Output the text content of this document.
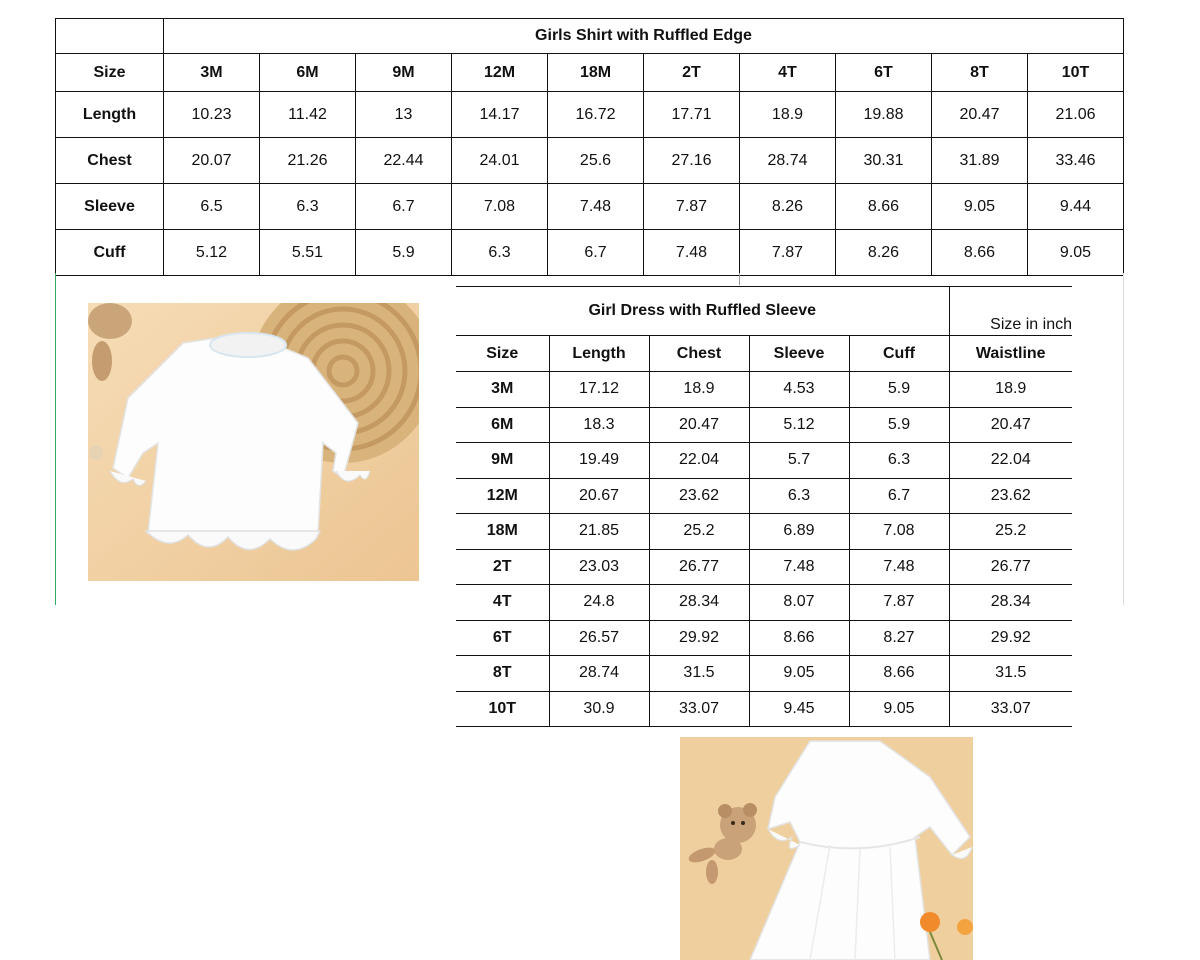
	Girls Shirt with Ruffled Edge									
Size	3M	6M	9M	12M	18M	2T	4T	6T	8T	10T
Length	10.23	11.42	13	14.17	16.72	17.71	18.9	19.88	20.47	21.06
Chest	20.07	21.26	22.44	24.01	25.6	27.16	28.74	30.31	31.89	33.46
Sleeve	6.5	6.3	6.7	7.08	7.48	7.87	8.26	8.66	9.05	9.44
Cuff	5.12	5.51	5.9	6.3	6.7	7.48	7.87	8.26	8.66	9.05
Girl Dress with Ruffled Sleeve					Size in inch
Size	Length	Chest	Sleeve	Cuff	Waistline
3M	17.12	18.9	4.53	5.9	18.9
6M	18.3	20.47	5.12	5.9	20.47
9M	19.49	22.04	5.7	6.3	22.04
12M	20.67	23.62	6.3	6.7	23.62
18M	21.85	25.2	6.89	7.08	25.2
2T	23.03	26.77	7.48	7.48	26.77
4T	24.8	28.34	8.07	7.87	28.34
6T	26.57	29.92	8.66	8.27	29.92
8T	28.74	31.5	9.05	8.66	31.5
10T	30.9	33.07	9.45	9.05	33.07
